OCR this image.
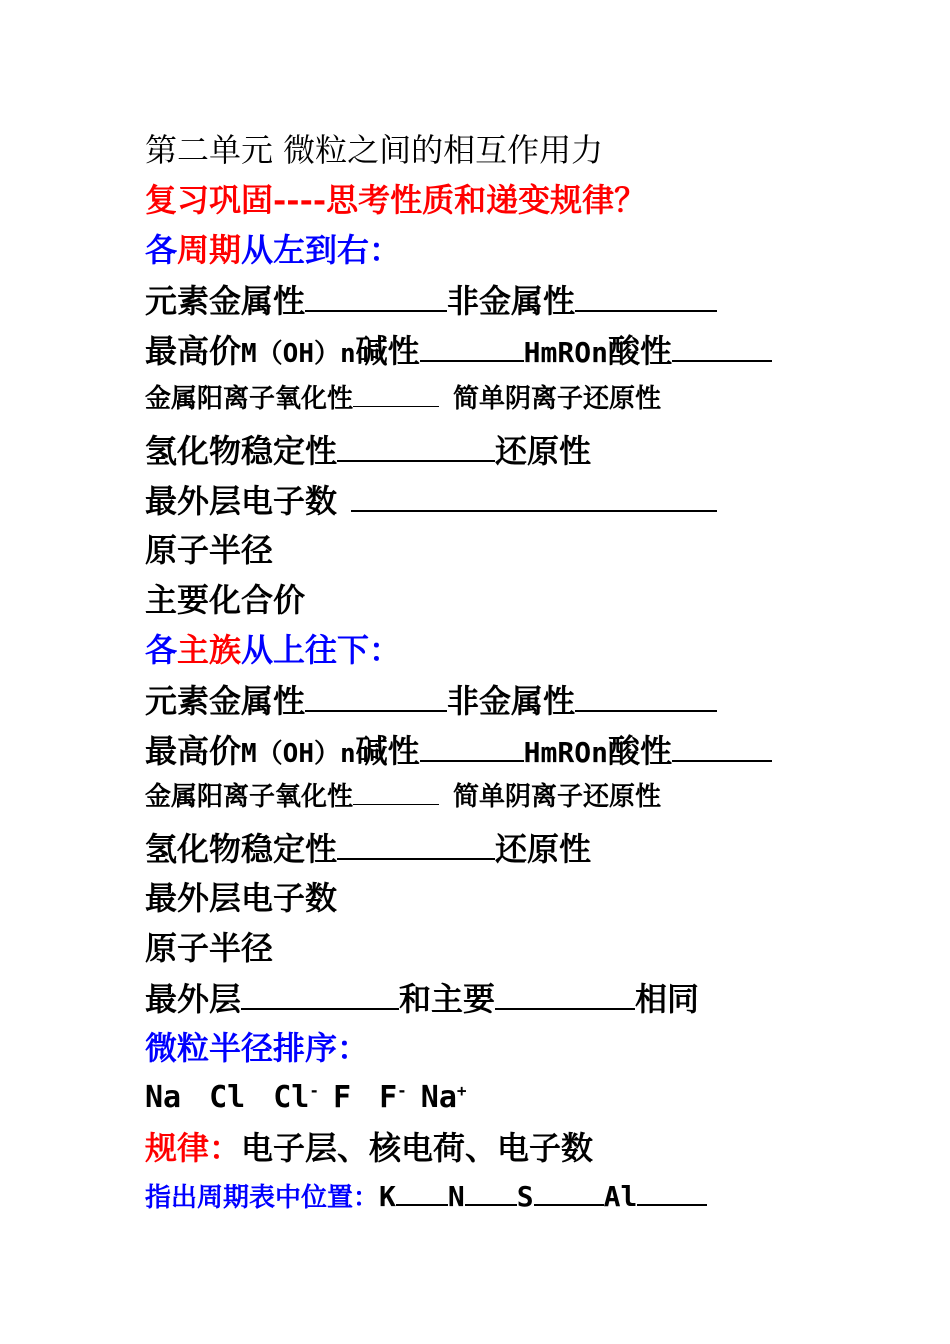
第二单元 微粒之间的相互作用力
复习巩固----思考性质和递变规律？
各周期从左到右：
元素金属性	非金属性
最高价M（OH）n碱性	HmROn酸性
金属阳离子氧化性	简单阴离子还原性
氢化物稳定性	还原性
最外层电子数
原子半径
主要化合价
各主族从上往下：
元素金属性	非金属性
最高价M（OH）n碱性	HmROn酸性
金属阳离子氧化性	简单阴离子还原性
氢化物稳定性	还原性
最外层电子数
原子半径
最外层	和主要	相同
微粒半径排序：
Na Cl Cl- F F- Na+
规律：电子层、核电荷、电子数
指出周期表中位置：K N S	Al
